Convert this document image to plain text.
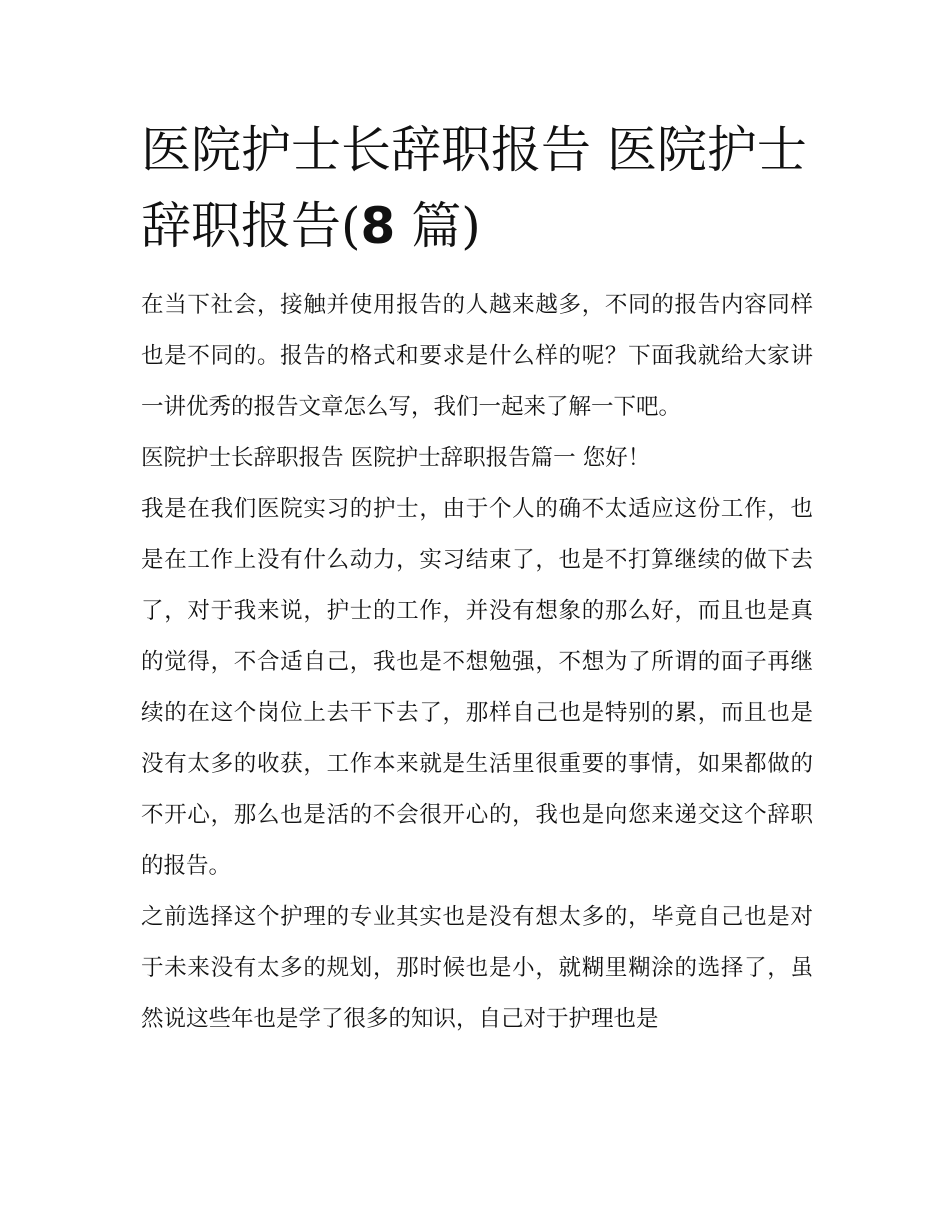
医院护士长辞职报告 医院护士辞职报告(8 篇)

在当下社会，接触并使用报告的人越来越多，不同的报告内容同样也是不同的。报告的格式和要求是什么样的呢？下面我就给大家讲一讲优秀的报告文章怎么写，我们一起来了解一下吧。

医院护士长辞职报告 医院护士辞职报告篇一 您好！

我是在我们医院实习的护士，由于个人的确不太适应这份工作，也是在工作上没有什么动力，实习结束了，也是不打算继续的做下去了，对于我来说，护士的工作，并没有想象的那么好，而且也是真的觉得，不合适自己，我也是不想勉强，不想为了所谓的面子再继续的在这个岗位上去干下去了，那样自己也是特别的累，而且也是没有太多的收获，工作本来就是生活里很重要的事情，如果都做的不开心，那么也是活的不会很开心的，我也是向您来递交这个辞职的报告。

之前选择这个护理的专业其实也是没有想太多的，毕竟自己也是对于未来没有太多的规划，那时候也是小，就糊里糊涂的选择了，虽然说这些年也是学了很多的知识，自己对于护理也是
